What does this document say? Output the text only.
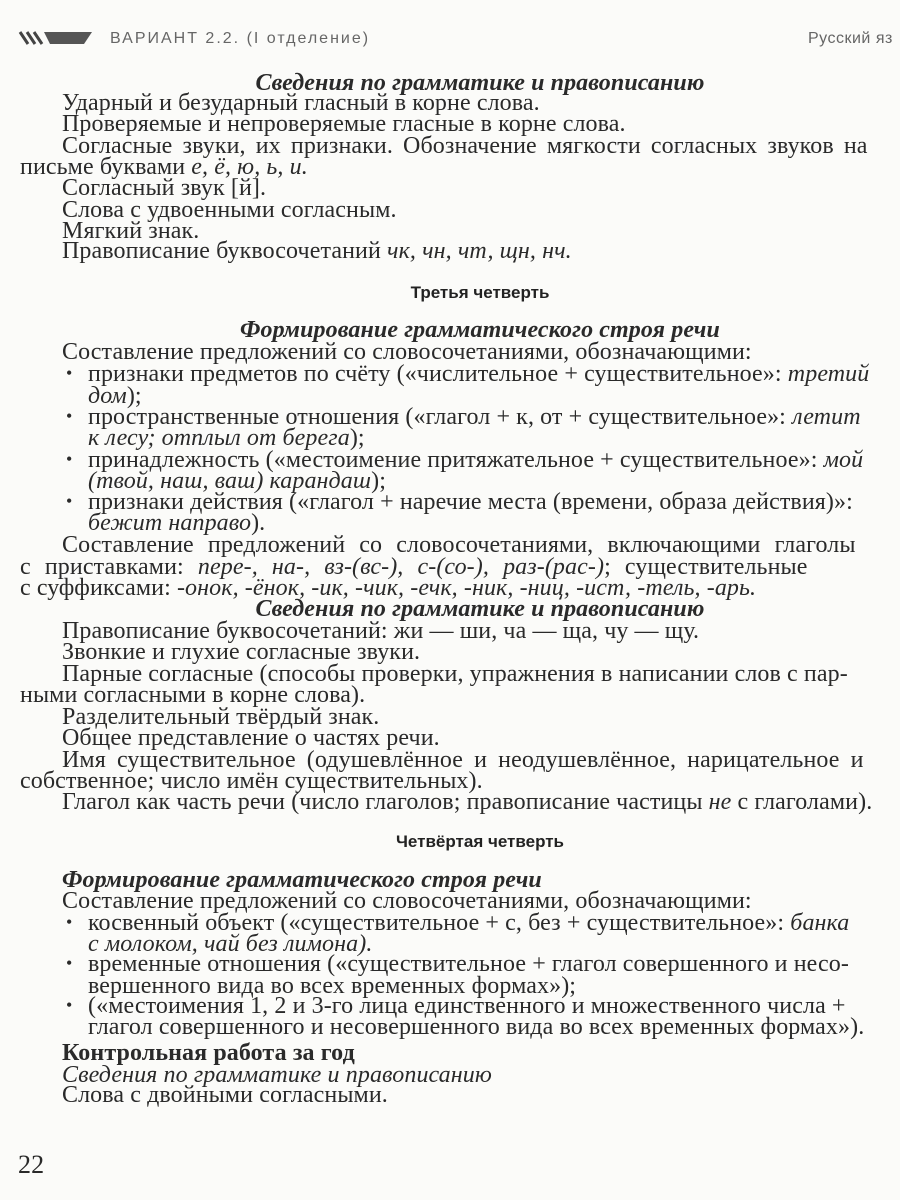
ВАРИАНТ 2.2. (I отделение)	Русский яз
Сведения по грамматике и правописанию
Ударный и безударный гласный в корне слова.
Проверяемые и непроверяемые гласные в корне слова.
Согласные звуки, их признаки. Обозначение мягкости согласных звуков на
письме буквами е, ё, ю, ь, и.
Согласный звук [й].
Слова с удвоенными согласным.
Мягкий знак.
Правописание буквосочетаний чк, чн, чт, щн, нч.
Третья четверть
Формирование грамматического строя речи
Составление предложений со словосочетаниями, обозначающими:
• признаки предметов по счёту («числительное + существительное»: третий
дом);
• пространственные отношения («глагол + к, от + существительное»: летит
к лесу; отплыл от берега);
• принадлежность («местоимение притяжательное + существительное»: мой
(твой, наш, ваш) карандаш);
• признаки действия («глагол + наречие места (времени, образа действия)»:
бежит направо).
Составление предложений со словосочетаниями, включающими глаголы
с приставками: пере-, на-, вз-(вс-), с-(со-), раз-(рас-); существительные
с суффиксами: -онок, -ёнок, -ик, -чик, -ечк, -ник, -ниц, -ист, -тель, -арь.
Сведения по грамматике и правописанию
Правописание буквосочетаний: жи — ши, ча — ща, чу — щу.
Звонкие и глухие согласные звуки.
Парные согласные (способы проверки, упражнения в написании слов с пар-
ными согласными в корне слова).
Разделительный твёрдый знак.
Общее представление о частях речи.
Имя существительное (одушевлённое и неодушевлённое, нарицательное и
собственное; число имён существительных).
Глагол как часть речи (число глаголов; правописание частицы не с глаголами).
Четвёртая четверть
Формирование грамматического строя речи
Составление предложений со словосочетаниями, обозначающими:
• косвенный объект («существительное + с, без + существительное»: банка
с молоком, чай без лимона).
• временные отношения («существительное + глагол совершенного и несо-
вершенного вида во всех временных формах»);
• («местоимения 1, 2 и 3-го лица единственного и множественного числа +
глагол совершенного и несовершенного вида во всех временных формах»).
Контрольная работа за год
Сведения по грамматике и правописанию
Слова с двойными согласными.
22
